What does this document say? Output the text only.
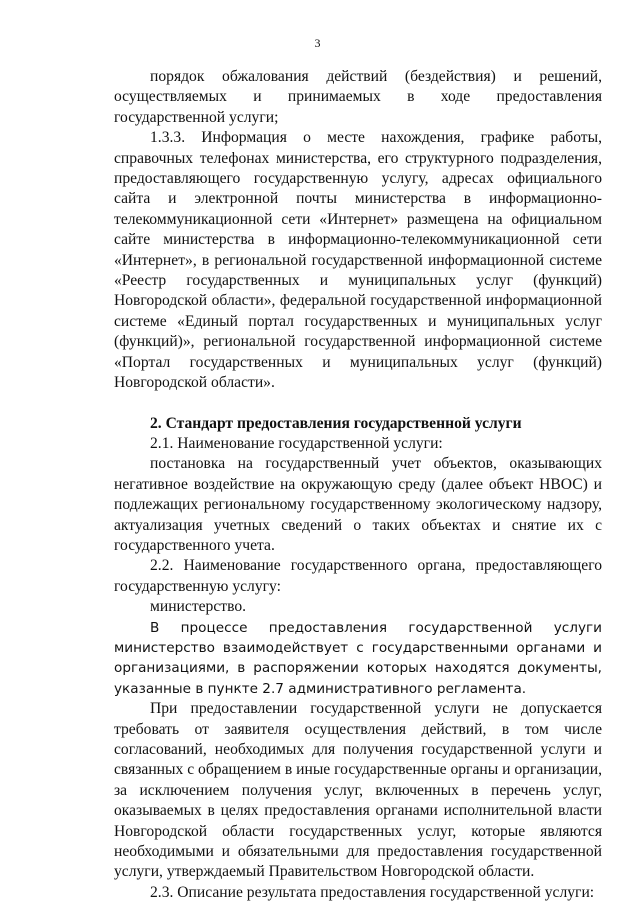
3

порядок обжалования действий (бездействия) и решений, осуществляемых и принимаемых в ходе предоставления государственной услуги;

1.3.3. Информация о месте нахождения, графике работы, справочных телефонах министерства, его структурного подразделения, предоставляющего государственную услугу, адресах официального сайта и электронной почты министерства в информационно-телекоммуникационной сети «Интернет» размещена на официальном сайте министерства в информационно-телекоммуникационной сети «Интернет», в региональной государственной информационной системе «Реестр государственных и муниципальных услуг (функций) Новгородской области», федеральной государственной информационной системе «Единый портал государственных и муниципальных услуг (функций)», региональной государственной информационной системе «Портал государственных и муниципальных услуг (функций) Новгородской области».

2. Стандарт предоставления государственной услуги

2.1. Наименование государственной услуги:

постановка на государственный учет объектов, оказывающих негативное воздействие на окружающую среду (далее объект НВОС) и подлежащих региональному государственному экологическому надзору, актуализация учетных сведений о таких объектах и снятие их с государственного учета.

2.2. Наименование государственного органа, предоставляющего государственную услугу:

министерство.

В процессе предоставления государственной услуги министерство взаимодействует с государственными органами и организациями, в распоряжении которых находятся документы, указанные в пункте 2.7 административного регламента.

При предоставлении государственной услуги не допускается требовать от заявителя осуществления действий, в том числе согласований, необходимых для получения государственной услуги и связанных с обращением в иные государственные органы и организации, за исключением получения услуг, включенных в перечень услуг, оказываемых в целях предоставления органами исполнительной власти Новгородской области государственных услуг, которые являются необходимыми и обязательными для предоставления государственной услуги, утверждаемый Правительством Новгородской области.

2.3. Описание результата предоставления государственной услуги:
